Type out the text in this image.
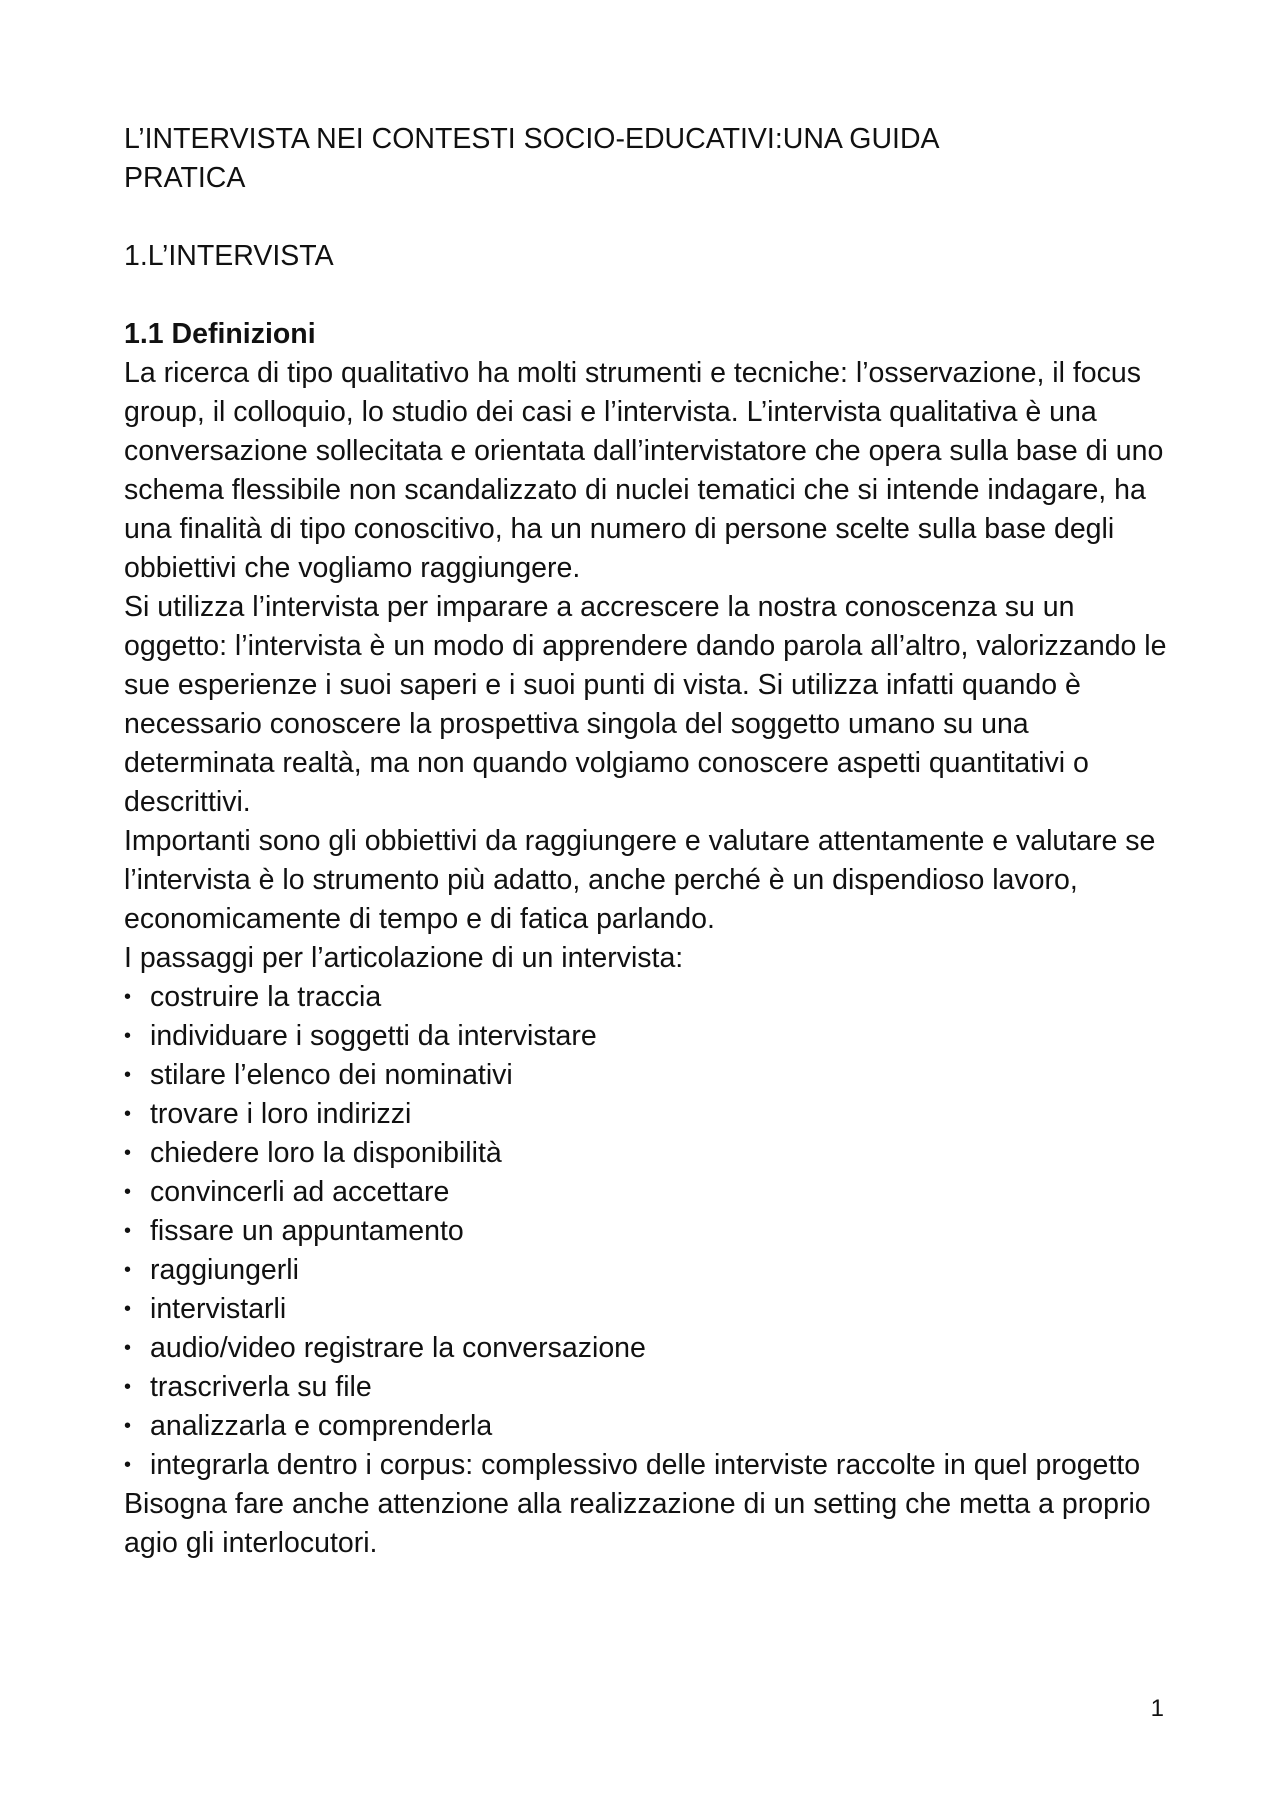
L’INTERVISTA NEI CONTESTI SOCIO-EDUCATIVI:UNA GUIDA
PRATICA
1.L’INTERVISTA
1.1 Definizioni

La ricerca di tipo qualitativo ha molti strumenti e tecniche: l’osservazione, il focus group, il colloquio, lo studio dei casi e l’intervista. L’intervista qualitativa è una conversazione sollecitata e orientata dall’intervistatore che opera sulla base di uno schema flessibile non scandalizzato di nuclei tematici che si intende indagare, ha una finalità di tipo conoscitivo, ha un numero di persone scelte sulla base degli obbiettivi che vogliamo raggiungere.

Si utilizza l’intervista per imparare a accrescere la nostra conoscenza su un oggetto: l’intervista è un modo di apprendere dando parola all’altro, valorizzando le sue esperienze i suoi saperi e i suoi punti di vista. Si utilizza infatti quando è necessario conoscere la prospettiva singola del soggetto umano su una determinata realtà, ma non quando volgiamo conoscere aspetti quantitativi o descrittivi.

Importanti sono gli obbiettivi da raggiungere e valutare attentamente e valutare se l’intervista è lo strumento più adatto, anche perché è un dispendioso lavoro, economicamente di tempo e di fatica parlando.

I passaggi per l’articolazione di un intervista:

• costruire la traccia
• individuare i soggetti da intervistare
• stilare l’elenco dei nominativi
• trovare i loro indirizzi
• chiedere loro la disponibilità
• convincerli ad accettare
• fissare un appuntamento
• raggiungerli
• intervistarli
• audio/video registrare la conversazione
• trascriverla su file
• analizzarla e comprenderla
• integrarla dentro i corpus: complessivo delle interviste raccolte in quel progetto

Bisogna fare anche attenzione alla realizzazione di un setting che metta a proprio agio gli interlocutori.

1
